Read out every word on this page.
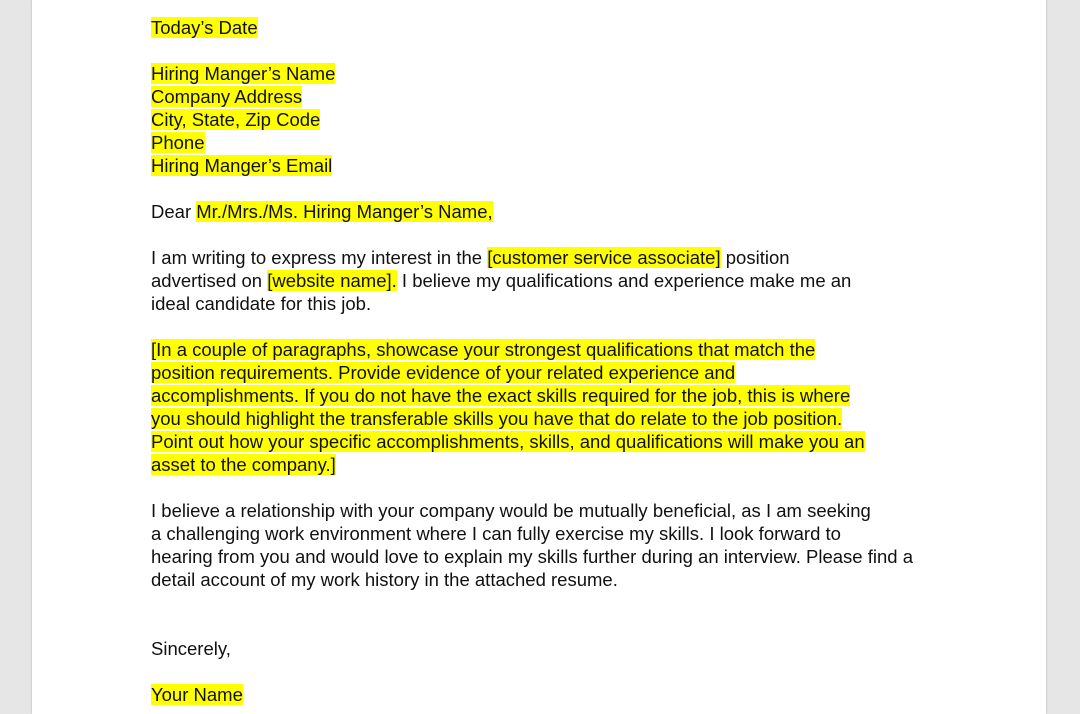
Today’s Date

Hiring Manger’s Name
Company Address
City, State, Zip Code
Phone
Hiring Manger’s Email

Dear Mr./Mrs./Ms. Hiring Manger’s Name,

I am writing to express my interest in the [customer service associate] position
advertised on [website name]. I believe my qualifications and experience make me an
ideal candidate for this job.

[In a couple of paragraphs, showcase your strongest qualifications that match the
position requirements. Provide evidence of your related experience and
accomplishments. If you do not have the exact skills required for the job, this is where
you should highlight the transferable skills you have that do relate to the job position.
Point out how your specific accomplishments, skills, and qualifications will make you an
asset to the company.]

I believe a relationship with your company would be mutually beneficial, as I am seeking
a challenging work environment where I can fully exercise my skills. I look forward to
hearing from you and would love to explain my skills further during an interview. Please find a
detail account of my work history in the attached resume.

Sincerely,

Your Name
